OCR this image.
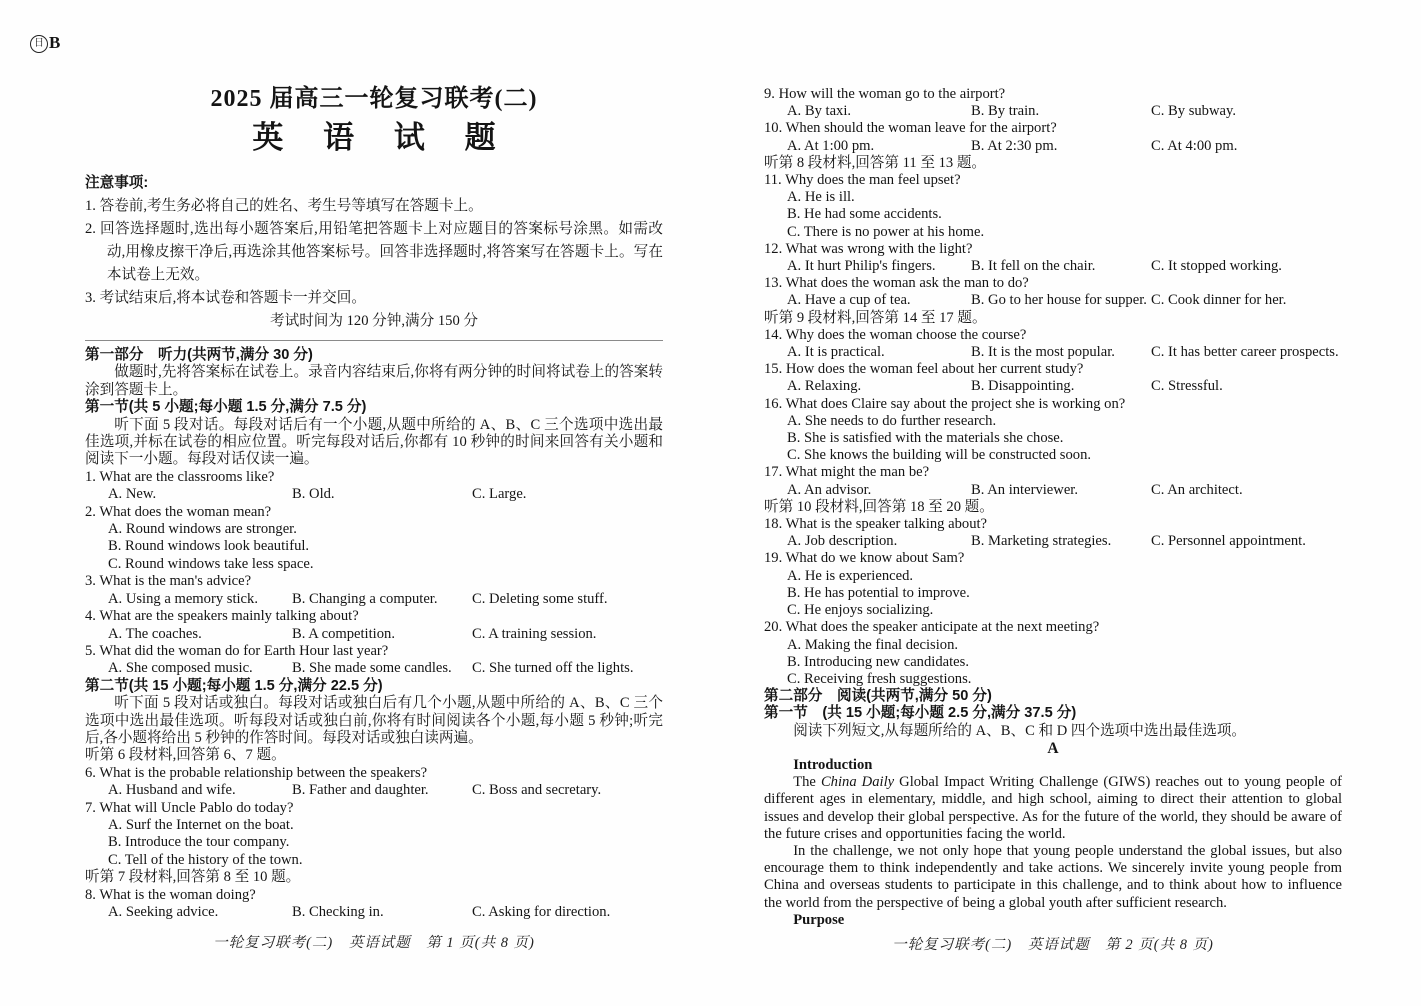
日 B
2025 届高三一轮复习联考(二)
英 语 试 题
注意事项:
1. 答卷前,考生务必将自己的姓名、考生号等填写在答题卡上。
2. 回答选择题时,选出每小题答案后,用铅笔把答题卡上对应题目的答案标号涂黑。如需改动,用橡皮擦干净后,再选涂其他答案标号。回答非选择题时,将答案写在答题卡上。写在本试卷上无效。
3. 考试结束后,将本试卷和答题卡一并交回。
考试时间为 120 分钟,满分 150 分
第一部分　听力(共两节,满分 30 分)
做题时,先将答案标在试卷上。录音内容结束后,你将有两分钟的时间将试卷上的答案转涂到答题卡上。
第一节(共 5 小题;每小题 1.5 分,满分 7.5 分)
听下面 5 段对话。每段对话后有一个小题,从题中所给的 A、B、C 三个选项中选出最佳选项,并标在试卷的相应位置。听完每段对话后,你都有 10 秒钟的时间来回答有关小题和阅读下一小题。每段对话仅读一遍。
1. What are the classrooms like?
A. New.	B. Old.	C. Large.
2. What does the woman mean?
A. Round windows are stronger.
B. Round windows look beautiful.
C. Round windows take less space.
3. What is the man's advice?
A. Using a memory stick.	B. Changing a computer.	C. Deleting some stuff.
4. What are the speakers mainly talking about?
A. The coaches.	B. A competition.	C. A training session.
5. What did the woman do for Earth Hour last year?
A. She composed music.	B. She made some candles.	C. She turned off the lights.
第二节(共 15 小题;每小题 1.5 分,满分 22.5 分)
听下面 5 段对话或独白。每段对话或独白后有几个小题,从题中所给的 A、B、C 三个选项中选出最佳选项。听每段对话或独白前,你将有时间阅读各个小题,每小题 5 秒钟;听完后,各小题将给出 5 秒钟的作答时间。每段对话或独白读两遍。
听第 6 段材料,回答第 6、7 题。
6. What is the probable relationship between the speakers?
A. Husband and wife.	B. Father and daughter.	C. Boss and secretary.
7. What will Uncle Pablo do today?
A. Surf the Internet on the boat.
B. Introduce the tour company.
C. Tell of the history of the town.
听第 7 段材料,回答第 8 至 10 题。
8. What is the woman doing?
A. Seeking advice.	B. Checking in.	C. Asking for direction.
9. How will the woman go to the airport?
A. By taxi.	B. By train.	C. By subway.
10. When should the woman leave for the airport?
A. At 1:00 pm.	B. At 2:30 pm.	C. At 4:00 pm.
听第 8 段材料,回答第 11 至 13 题。
11. Why does the man feel upset?
A. He is ill.
B. He had some accidents.
C. There is no power at his home.
12. What was wrong with the light?
A. It hurt Philip's fingers.	B. It fell on the chair.	C. It stopped working.
13. What does the woman ask the man to do?
A. Have a cup of tea.	B. Go to her house for supper. C. Cook dinner for her.
听第 9 段材料,回答第 14 至 17 题。
14. Why does the woman choose the course?
A. It is practical.	B. It is the most popular.	C. It has better career prospects.
15. How does the woman feel about her current study?
A. Relaxing.	B. Disappointing.	C. Stressful.
16. What does Claire say about the project she is working on?
A. She needs to do further research.
B. She is satisfied with the materials she chose.
C. She knows the building will be constructed soon.
17. What might the man be?
A. An advisor.	B. An interviewer.	C. An architect.
听第 10 段材料,回答第 18 至 20 题。
18. What is the speaker talking about?
A. Job description.	B. Marketing strategies.	C. Personnel appointment.
19. What do we know about Sam?
A. He is experienced.
B. He has potential to improve.
C. He enjoys socializing.
20. What does the speaker anticipate at the next meeting?
A. Making the final decision.
B. Introducing new candidates.
C. Receiving fresh suggestions.
第二部分　阅读(共两节,满分 50 分)
第一节　(共 15 小题;每小题 2.5 分,满分 37.5 分)
阅读下列短文,从每题所给的 A、B、C 和 D 四个选项中选出最佳选项。
A
Introduction
The China Daily Global Impact Writing Challenge (GIWS) reaches out to young people of different ages in elementary, middle, and high school, aiming to direct their attention to global issues and develop their global perspective. As for the future of the world, they should be aware of the future crises and opportunities facing the world.
In the challenge, we not only hope that young people understand the global issues, but also encourage them to think independently and take actions. We sincerely invite young people from China and overseas students to participate in this challenge, and to think about how to influence the world from the perspective of being a global youth after sufficient research.
Purpose
一轮复习联考(二)　英语试题　第 1 页(共 8 页)	一轮复习联考(二)　英语试题　第 2 页(共 8 页)
